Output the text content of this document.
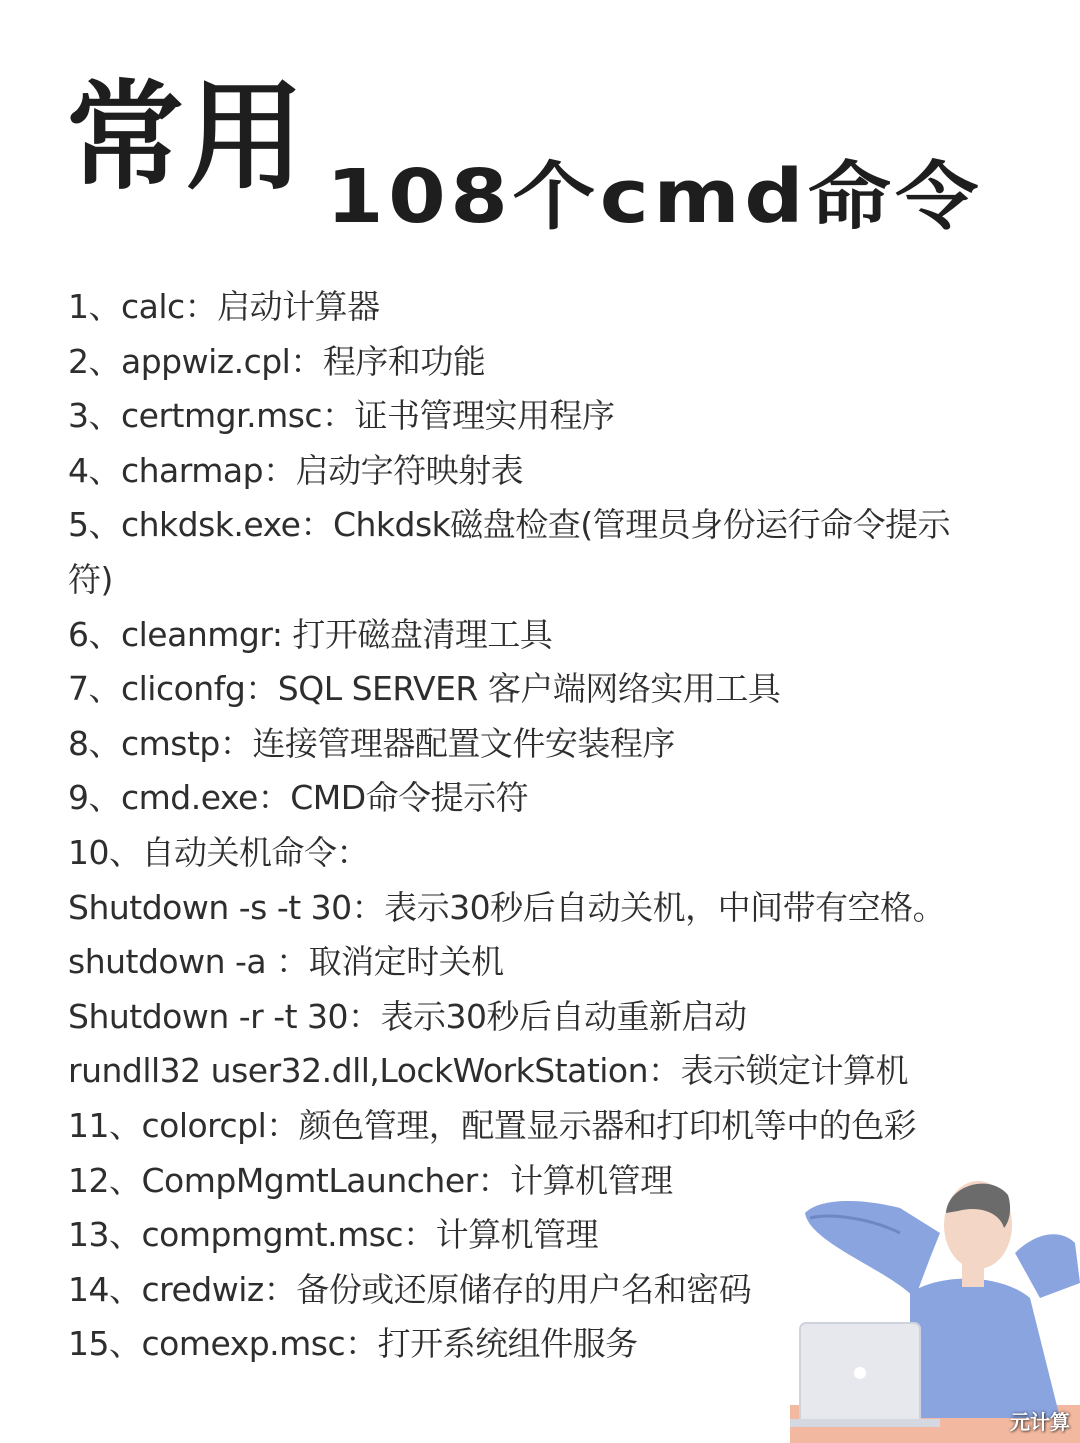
常用 108个cmd命令
1、calc：启动计算器
2、appwiz.cpl：程序和功能
3、certmgr.msc：证书管理实用程序
4、charmap：启动字符映射表
5、chkdsk.exe：Chkdsk磁盘检查(管理员身份运行命令提示符)
6、cleanmgr: 打开磁盘清理工具
7、cliconfg：SQL SERVER 客户端网络实用工具
8、cmstp：连接管理器配置文件安装程序
9、cmd.exe：CMD命令提示符
10、自动关机命令：
Shutdown -s -t 30：表示30秒后自动关机，中间带有空格。
shutdown -a ：取消定时关机
Shutdown -r -t 30：表示30秒后自动重新启动
rundll32 user32.dll,LockWorkStation：表示锁定计算机
11、colorcpl：颜色管理，配置显示器和打印机等中的色彩
12、CompMgmtLauncher：计算机管理
13、compmgmt.msc：计算机管理
14、credwiz：备份或还原储存的用户名和密码
15、comexp.msc：打开系统组件服务
元计算
